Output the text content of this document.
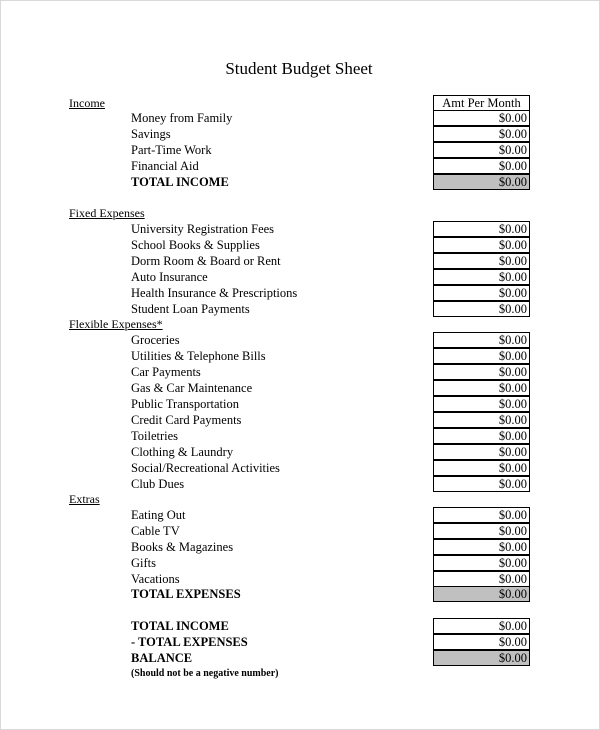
Student Budget Sheet
Income	Amt Per Month
Money from Family	$0.00
Savings	$0.00
Part-Time Work	$0.00
Financial Aid	$0.00
TOTAL INCOME	$0.00
Fixed Expenses
University Registration Fees	$0.00
School Books & Supplies	$0.00
Dorm Room & Board or Rent	$0.00
Auto Insurance	$0.00
Health Insurance & Prescriptions	$0.00
Student Loan Payments	$0.00
Flexible Expenses*
Groceries	$0.00
Utilities & Telephone Bills	$0.00
Car Payments	$0.00
Gas & Car Maintenance	$0.00
Public Transportation	$0.00
Credit Card Payments	$0.00
Toiletries	$0.00
Clothing & Laundry	$0.00
Social/Recreational Activities	$0.00
Club Dues	$0.00
Extras
Eating Out	$0.00
Cable TV	$0.00
Books & Magazines	$0.00
Gifts	$0.00
Vacations	$0.00
TOTAL EXPENSES	$0.00
TOTAL INCOME	$0.00
- TOTAL EXPENSES	$0.00
BALANCE	$0.00
(Should not be a negative number)
